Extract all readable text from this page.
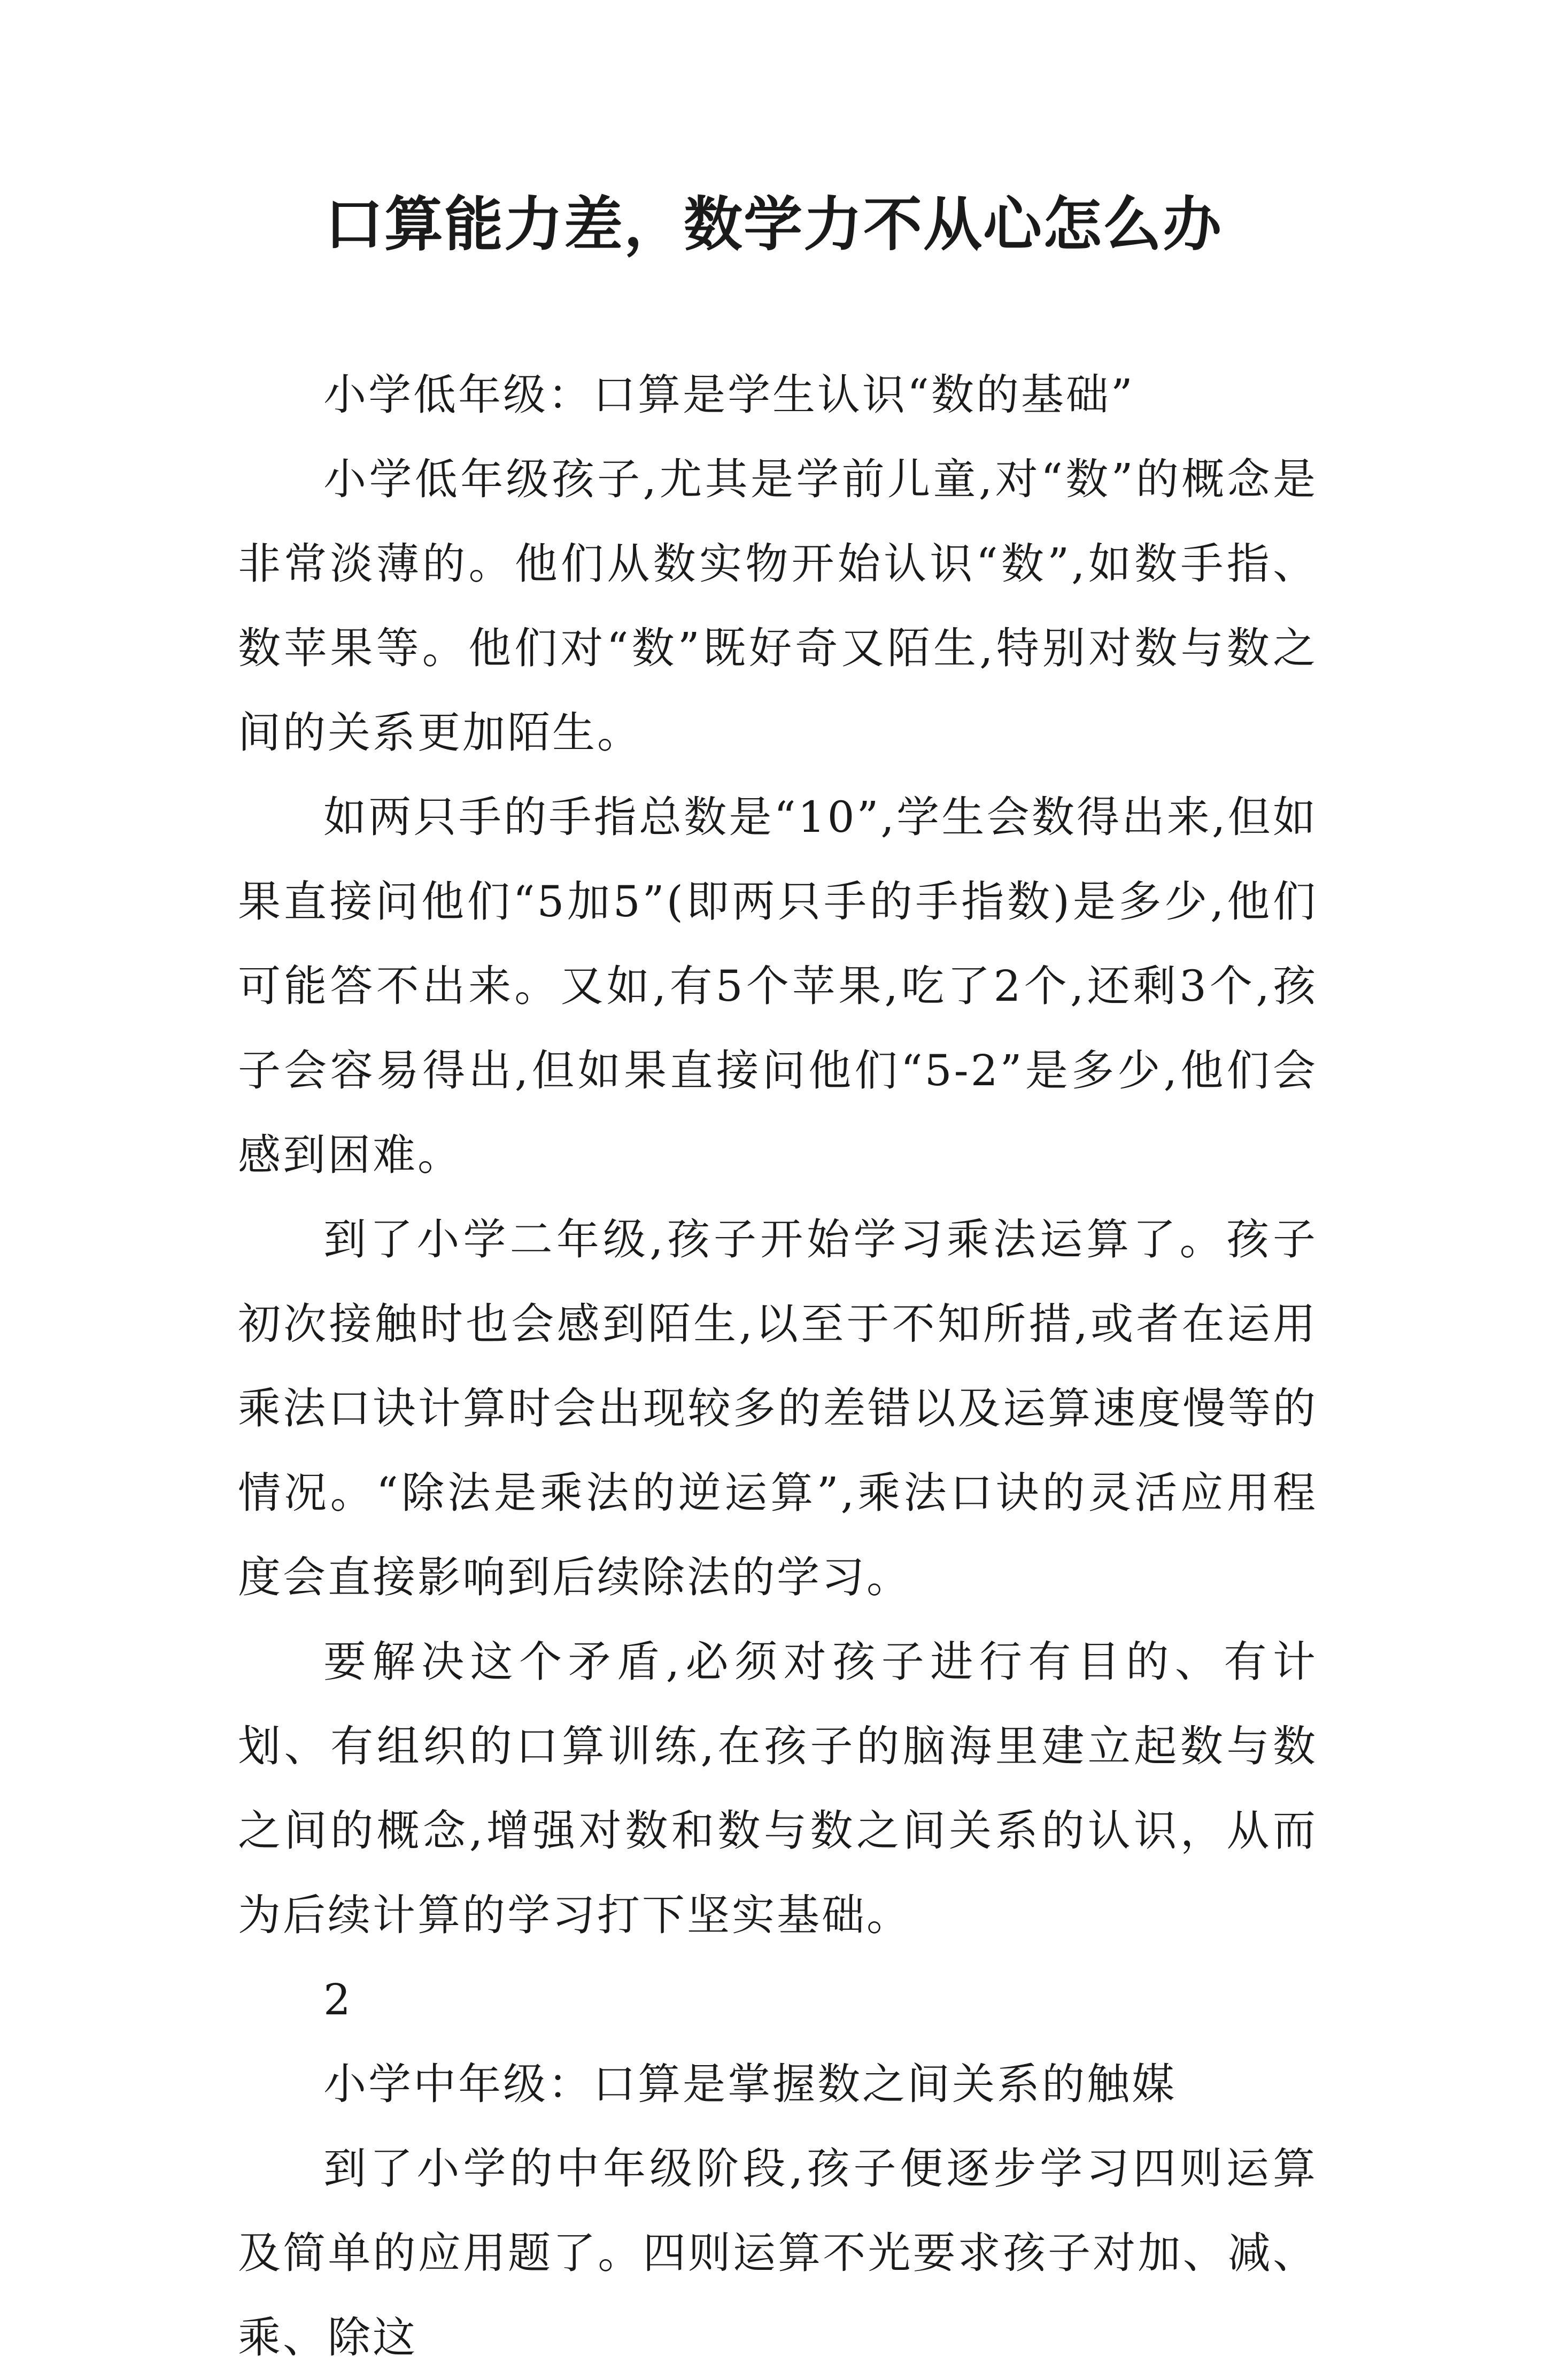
口算能力差，数学力不从心怎么办

小学低年级：口算是学生认识“数的基础”

小学低年级孩子,尤其是学前儿童,对“数”的概念是非常淡薄的。他们从数实物开始认识“数”,如数手指、数苹果等。他们对“数”既好奇又陌生,特别对数与数之间的关系更加陌生。

如两只手的手指总数是“10”,学生会数得出来,但如果直接问他们“5加5”(即两只手的手指数)是多少,他们可能答不出来。又如,有5个苹果,吃了2个,还剩3个,孩子会容易得出,但如果直接问他们“5-2”是多少,他们会感到困难。

到了小学二年级,孩子开始学习乘法运算了。孩子初次接触时也会感到陌生,以至于不知所措,或者在运用乘法口诀计算时会出现较多的差错以及运算速度慢等的情况。“除法是乘法的逆运算”,乘法口诀的灵活应用程度会直接影响到后续除法的学习。

要解决这个矛盾,必须对孩子进行有目的、有计划、有组织的口算训练,在孩子的脑海里建立起数与数之间的概念,增强对数和数与数之间关系的认识，从而为后续计算的学习打下坚实基础。

2

小学中年级：口算是掌握数之间关系的触媒

到了小学的中年级阶段,孩子便逐步学习四则运算及简单的应用题了。四则运算不光要求孩子对加、减、乘、除这
